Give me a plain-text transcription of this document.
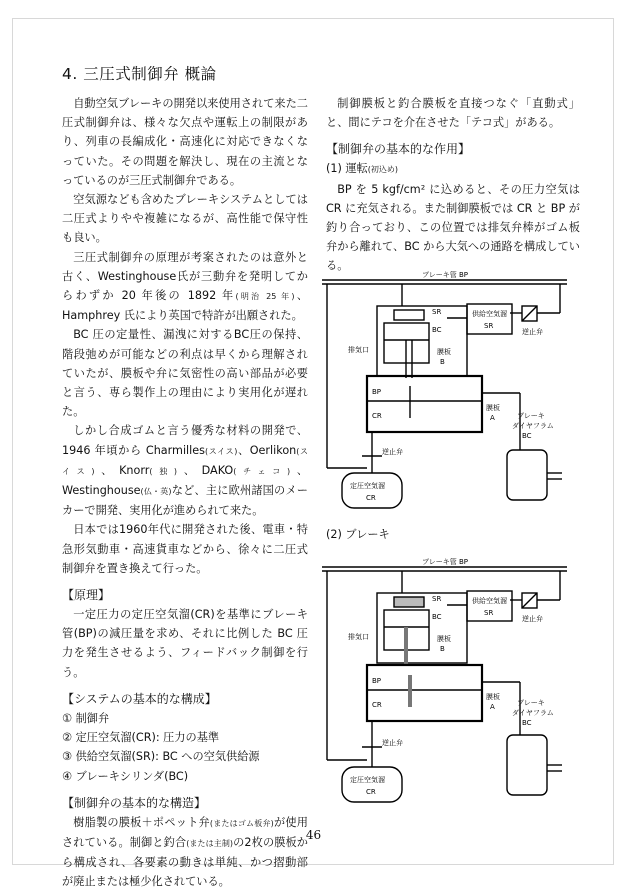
4. 三圧式制御弁 概論

自動空気ブレーキの開発以来使用されて来た二圧式制御弁は、様々な欠点や運転上の制限があり、列車の長編成化・高速化に対応できなくなっていた。その問題を解決し、現在の主流となっているのが三圧式制御弁である。

空気源なども含めたブレーキシステムとしては二圧式よりやや複雑になるが、高性能で保守性も良い。

三圧式制御弁の原理が考案されたのは意外と古く、Westinghouse氏が三動弁を発明してからわずか 20 年後の 1892 年(明治 25 年)、Hamphrey 氏により英国で特許が出願された。

BC 圧の定量性、漏洩に対するBC圧の保持、階段弛めが可能などの利点は早くから理解されていたが、膜板や弁に気密性の高い部品が必要と言う、専ら製作上の理由により実用化が遅れた。

しかし合成ゴムと言う優秀な材料の開発で、1946 年頃から Charmilles(スイス)、Oerlikon(スイス)、Knorr(独)、DAKO(チェコ)、Westinghouse(仏・英)など、主に欧州諸国のメーカーで開発、実用化が進められて来た。

日本では1960年代に開発された後、電車・特急形気動車・高速貨車などから、徐々に二圧式制御弁を置き換えて行った。

【原理】

一定圧力の定圧空気溜(CR)を基準にブレーキ管(BP)の減圧量を求め、それに比例した BC 圧力を発生させるよう、フィードバック制御を行う。

【システムの基本的な構成】
① 制御弁
② 定圧空気溜(CR): 圧力の基準
③ 供給空気溜(SR): BC への空気供給源
④ ブレーキシリンダ(BC)
【制御弁の基本的な構造】

樹脂製の膜板＋ポペット弁(またはゴム板弁)が使用されている。制御と釣合(または主制)の2枚の膜板から構成され、各要素の動きは単純、かつ摺動部が廃止または極少化されている。

制御膜板と釣合膜板を直接つなぐ「直動式」と、間にテコを介在させた「テコ式」がある。

【制御弁の基本的な作用】
(1) 運転(初込め)

BP を 5 kgf/cm² に込めると、その圧力空気は CR に充気される。また制御膜板では CR と BP が釣り合っており、この位置では排気弁棒がゴム板弁から離れて、BC から大気への通路を構成している。

ブレーキ管 BP
供給空気溜
SR
逆止弁
排気口	膜板
B
膜板
A
BP
CR
BC
SR
ブレーキ
ダイヤフラム
BC
逆止弁
定圧空気溜
CR
(2) ブレーキ
ブレーキ管 BP
供給空気溜
SR
逆止弁
排気口	膜板
B
膜板
A
BP
CR
BC
SR
ブレーキ
ダイヤフラム
BC
逆止弁
定圧空気溜
CR
46
